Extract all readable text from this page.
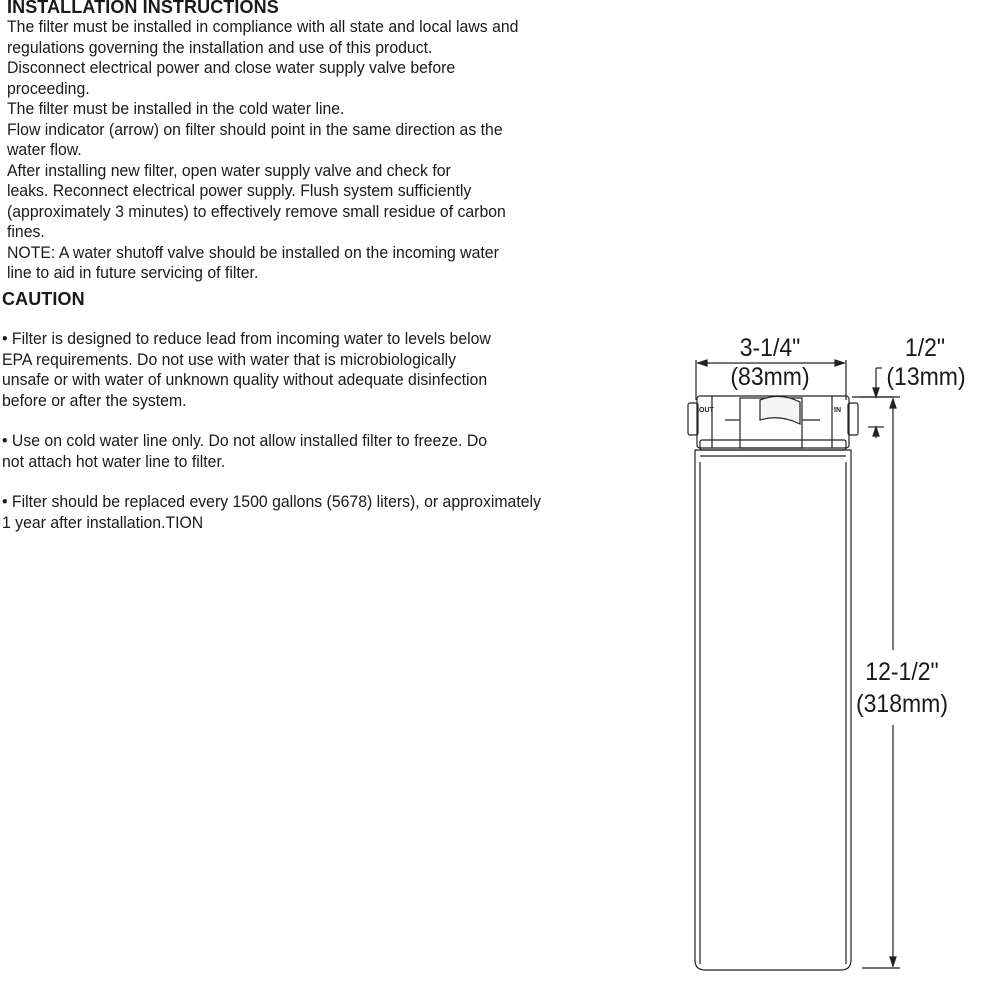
INSTALLATION INSTRUCTIONS

The filter must be installed in compliance with all state and local laws and

regulations governing the installation and use of this product.

Disconnect electrical power and close water supply valve before

proceeding.

The filter must be installed in the cold water line.

Flow indicator (arrow) on filter should point in the same direction as the

water flow.

After installing new filter, open water supply valve and check for

leaks. Reconnect electrical power supply. Flush system sufficiently

(approximately 3 minutes) to effectively remove small residue of carbon

fines.

NOTE: A water shutoff valve should be installed on the incoming water

line to aid in future servicing of filter.

CAUTION

• Filter is designed to reduce lead from incoming water to levels below

EPA requirements. Do not use with water that is microbiologically

unsafe or with water of unknown quality without adequate disinfection

before or after the system.

• Use on cold water line only. Do not allow installed filter to freeze. Do

not attach hot water line to filter.

• Filter should be replaced every 1500 gallons (5678) liters), or approximately

1 year after installation.TION

OUT	IN
3-1/4"
(83mm)
1/2"
(13mm)
12-1/2"
(318mm)
